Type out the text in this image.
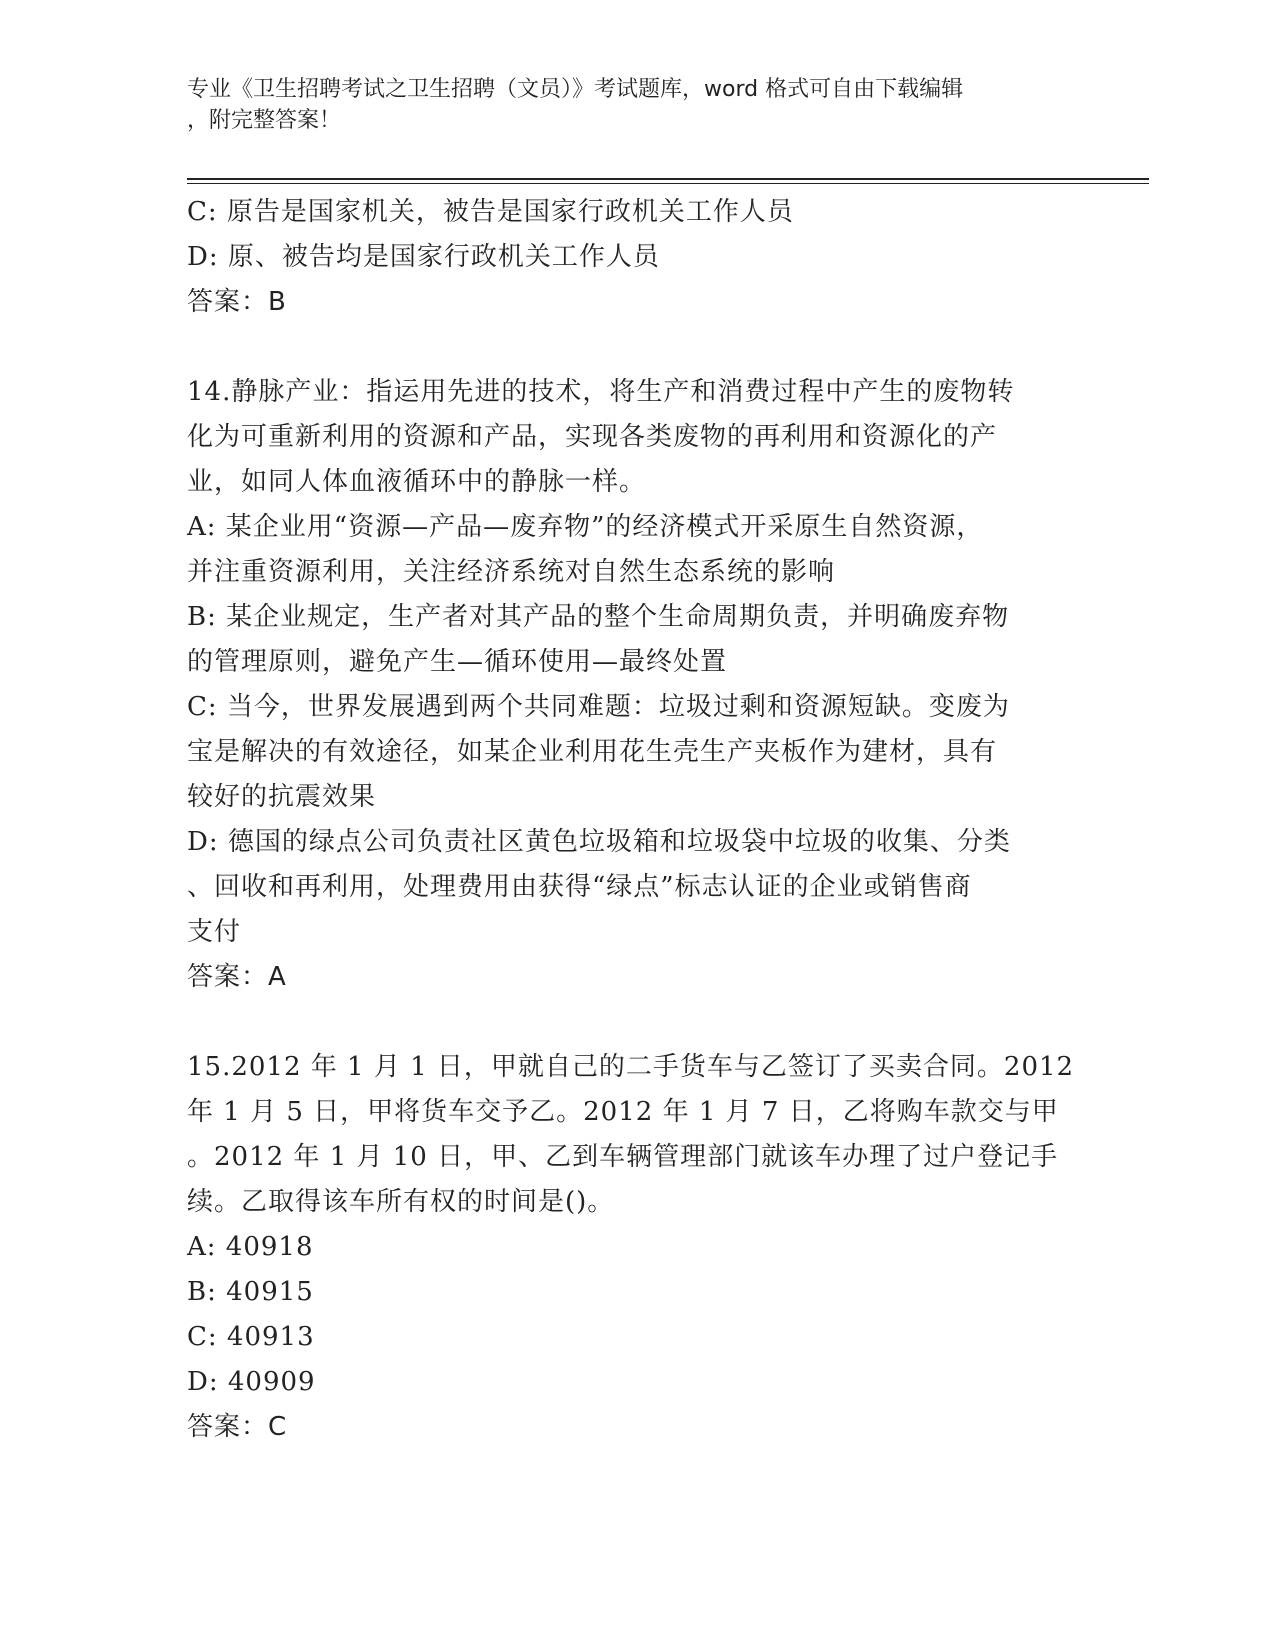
专业《卫生招聘考试之卫生招聘（文员）》考试题库，word 格式可自由下载编辑
，附完整答案！
C: 原告是国家机关，被告是国家行政机关工作人员
D: 原、被告均是国家行政机关工作人员
答案：B
14.静脉产业：指运用先进的技术，将生产和消费过程中产生的废物转
化为可重新利用的资源和产品，实现各类废物的再利用和资源化的产
业，如同人体血液循环中的静脉一样。
A: 某企业用“资源—产品—废弃物”的经济模式开采原生自然资源，
并注重资源利用，关注经济系统对自然生态系统的影响
B: 某企业规定，生产者对其产品的整个生命周期负责，并明确废弃物
的管理原则，避免产生—循环使用—最终处置
C: 当今，世界发展遇到两个共同难题：垃圾过剩和资源短缺。变废为
宝是解决的有效途径，如某企业利用花生壳生产夹板作为建材，具有
较好的抗震效果
D: 德国的绿点公司负责社区黄色垃圾箱和垃圾袋中垃圾的收集、分类
、回收和再利用，处理费用由获得“绿点”标志认证的企业或销售商
支付
答案：A
15.2012 年 1 月 1 日，甲就自己的二手货车与乙签订了买卖合同。2012
年 1 月 5 日，甲将货车交予乙。2012 年 1 月 7 日，乙将购车款交与甲
。2012 年 1 月 10 日，甲、乙到车辆管理部门就该车办理了过户登记手
续。乙取得该车所有权的时间是()。
A: 40918
B: 40915
C: 40913
D: 40909
答案：C
